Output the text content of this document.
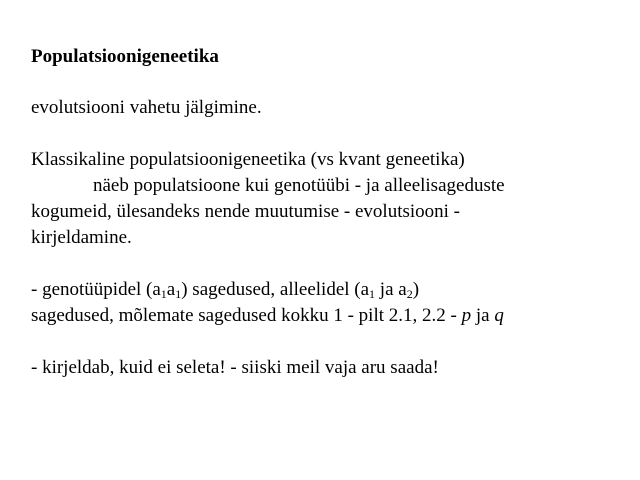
Populatsioonigeneetika
evolutsiooni vahetu jälgimine.
Klassikaline populatsioonigeneetika (vs kvant geneetika)
näeb populatsioone kui genotüübi - ja alleelisageduste
kogumeid, ülesandeks nende muutumise - evolutsiooni -
kirjeldamine.
- genotüüpidel $(a_1a_1)$ sagedused, alleelidel ($a_1$ ja $a_2$)
sagedused, mõlemate sagedused kokku 1 - pilt 2.1, 2.2 - p ja q
- kirjeldab, kuid ei seleta! - siiski meil vaja aru saada!
